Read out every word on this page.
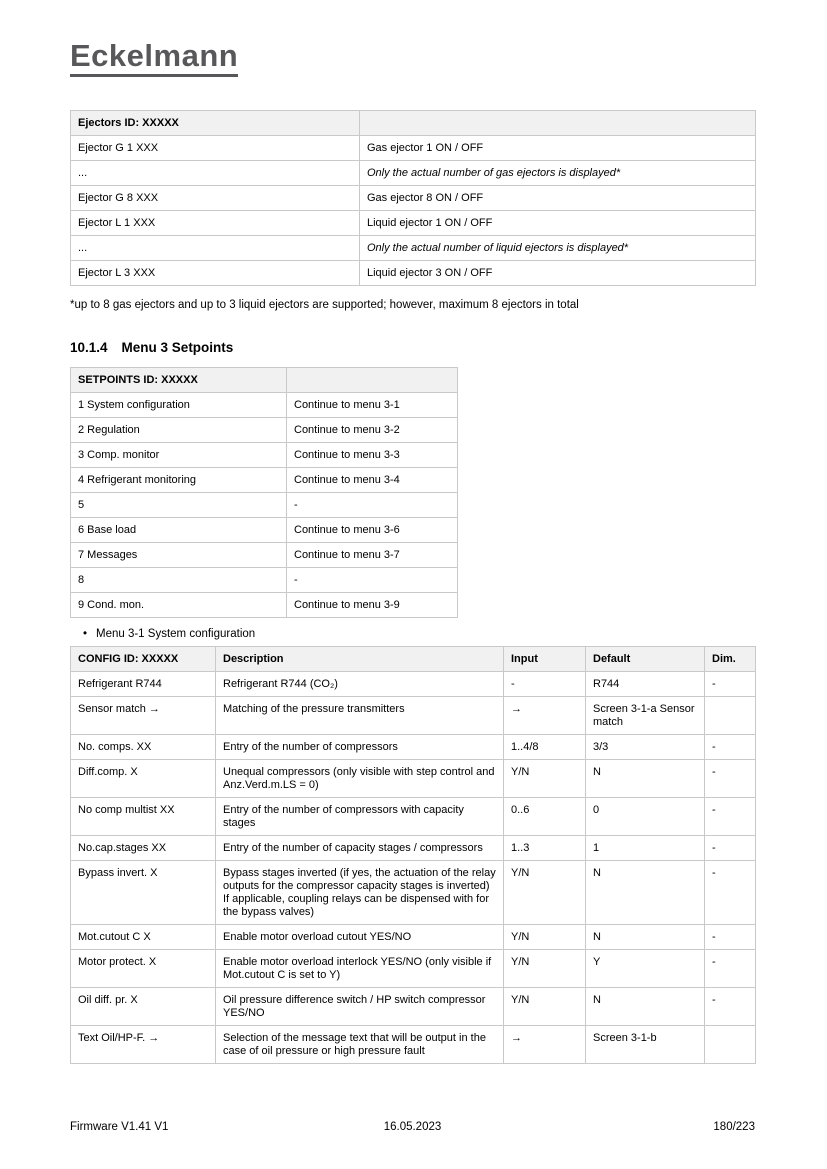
Eckelmann
Ejectors ID: XXXXX	
Ejector G 1 XXX	Gas ejector 1 ON / OFF
...	Only the actual number of gas ejectors is displayed*
Ejector G 8 XXX	Gas ejector 8 ON / OFF
Ejector L 1 XXX	Liquid ejector 1 ON / OFF
...	Only the actual number of liquid ejectors is displayed*
Ejector L 3 XXX	Liquid ejector 3 ON / OFF
*up to 8 gas ejectors and up to 3 liquid ejectors are supported; however, maximum 8 ejectors in total
10.1.4 Menu 3 Setpoints
SETPOINTS ID: XXXXX	
1 System configuration	Continue to menu 3-1
2 Regulation	Continue to menu 3-2
3 Comp. monitor	Continue to menu 3-3
4 Refrigerant monitoring	Continue to menu 3-4
5	-
6 Base load	Continue to menu 3-6
7 Messages	Continue to menu 3-7
8	-
9 Cond. mon.	Continue to menu 3-9
• Menu 3-1 System configuration
CONFIG ID: XXXXX	Description	Input	Default	Dim.
Refrigerant R744	Refrigerant R744 (CO₂)	-	R744	-
Sensor match →	Matching of the pressure transmitters	→	Screen 3-1-a Sensor match	
No. comps. XX	Entry of the number of compressors	1..4/8	3/3	-
Diff.comp. X	Unequal compressors (only visible with step control and Anz.Verd.m.LS = 0)	Y/N	N	-
No comp multist XX	Entry of the number of compressors with capacity stages	0..6	0	-
No.cap.stages XX	Entry of the number of capacity stages / compressors	1..3	1	-
Bypass invert. X	Bypass stages inverted (if yes, the actuation of the relay outputs for the compressor capacity stages is inverted) If applicable, coupling relays can be dispensed with for the bypass valves)	Y/N	N	-
Mot.cutout C X	Enable motor overload cutout YES/NO	Y/N	N	-
Motor protect. X	Enable motor overload interlock YES/NO (only visible if Mot.cutout C is set to Y)	Y/N	Y	-
Oil diff. pr. X	Oil pressure difference switch / HP switch compressor YES/NO	Y/N	N	-
Text Oil/HP-F. →	Selection of the message text that will be output in the case of oil pressure or high pressure fault	→	Screen 3-1-b	
Firmware V1.41 V1	16.05.2023	180/223
